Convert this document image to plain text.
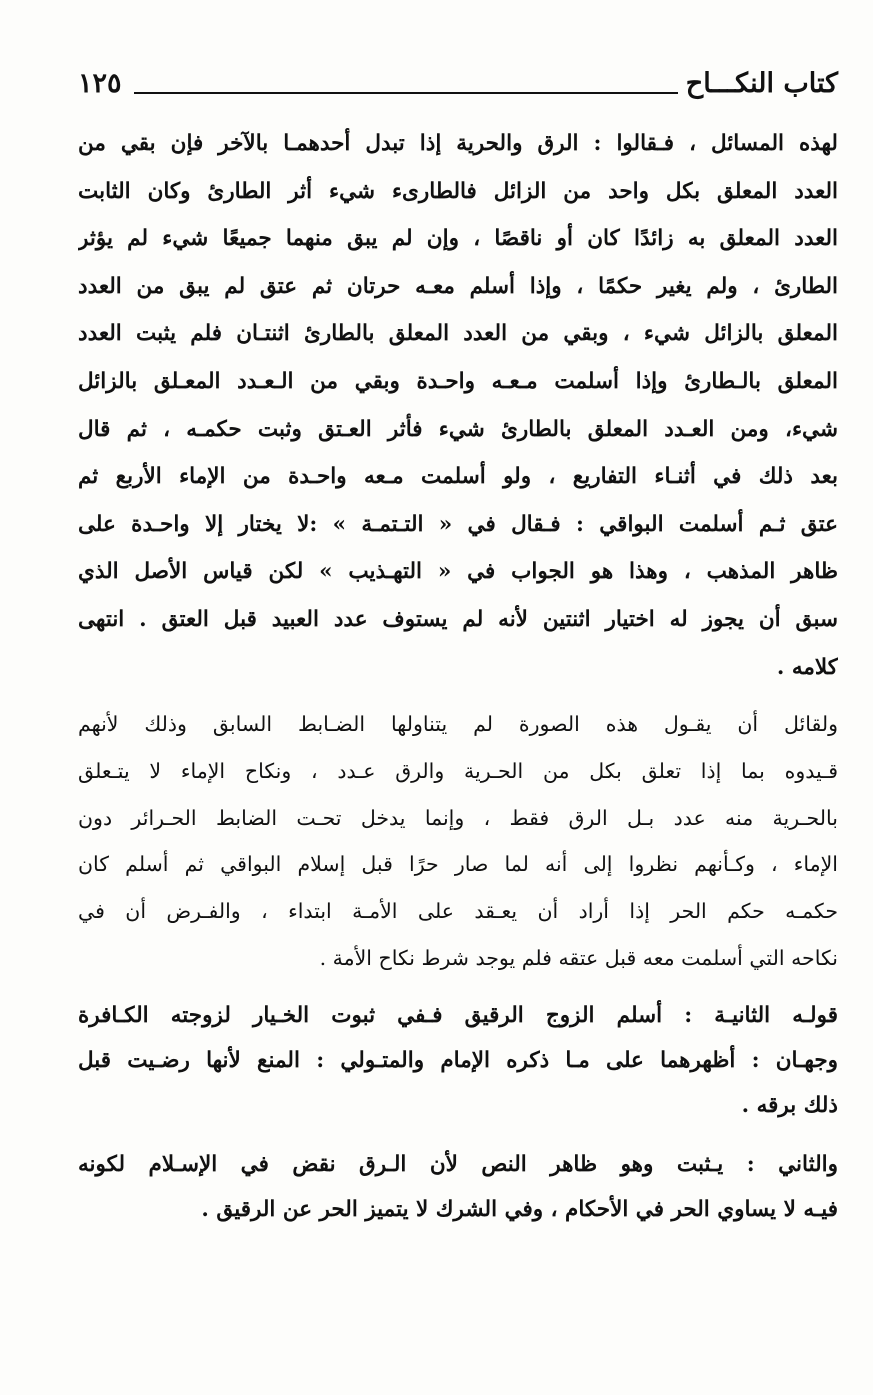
كتاب النكـــاح
١٢٥
لهذه المسائل ، فـقالوا : الرق والحرية إذا تبدل أحدهمـا بالآخر فإن بقي من
العدد المعلق بكل واحد من الزائل فالطارىء شيء أثر الطارئ وكان الثابت
العدد المعلق به زائدًا كان أو ناقصًا ، وإن لم يبق منهما جميعًا شيء لم يؤثر
الطارئ ، ولم يغير حكمًا ، وإذا أسلم معـه حرتان ثم عتق لم يبق من العدد
المعلق بالزائل شيء ، وبقي من العدد المعلق بالطارئ اثنتـان فلم يثبت العدد
المعلق بالـطارئ وإذا أسلمت مـعـه واحـدة وبقي من الـعـدد المعـلق بالزائل
شيء، ومن العـدد المعلق بالطارئ شيء فأثر العـتق وثبت حكمـه ، ثم قال
بعد ذلك في أثنـاء التفاريع ، ولو أسلمت مـعه واحـدة من الإماء الأربع ثم
عتق ثـم أسلمت البواقي : فـقال في « التـتمـة » :لا يختار إلا واحـدة على
ظاهر المذهب ، وهذا هو الجواب في « التهـذيب » لكن قياس الأصل الذي
سبق أن يجوز له اختيار اثنتين لأنه لم يستوف عدد العبيد قبل العتق . انتهى
كلامه .
ولقائل أن يقـول هذه الصورة لم يتناولها الضـابط السابق وذلك لأنهم
قـيدوه بما إذا تعلق بكل من الحـرية والرق عـدد ، ونكاح الإماء لا يتـعلق
بالحـرية منه عدد بـل الرق فقط ، وإنما يدخل تحـت الضابط الحـرائر دون
الإماء ، وكـأنهم نظروا إلى أنه لما صار حرًا قبل إسلام البواقي ثم أسلم كان
حكمـه حكم الحر إذا أراد أن يعـقد على الأمـة ابتداء ، والفـرض أن في
نكاحه التي أسلمت معه قبل عتقه فلم يوجد شرط نكاح الأمة .
قولـه الثانيـة : أسلم الزوج الرقيق فـفي ثبوت الخـيار لزوجته الكـافرة
وجهـان : أظهرهما على مـا ذكره الإمام والمتـولي : المنع لأنها رضـيت قبل
ذلك برقه .
والثاني : يـثبت وهو ظاهر النص لأن الـرق نقض في الإسـلام لكونه
فيـه لا يساوي الحر في الأحكام ، وفي الشرك لا يتميز الحر عن الرقيق .
